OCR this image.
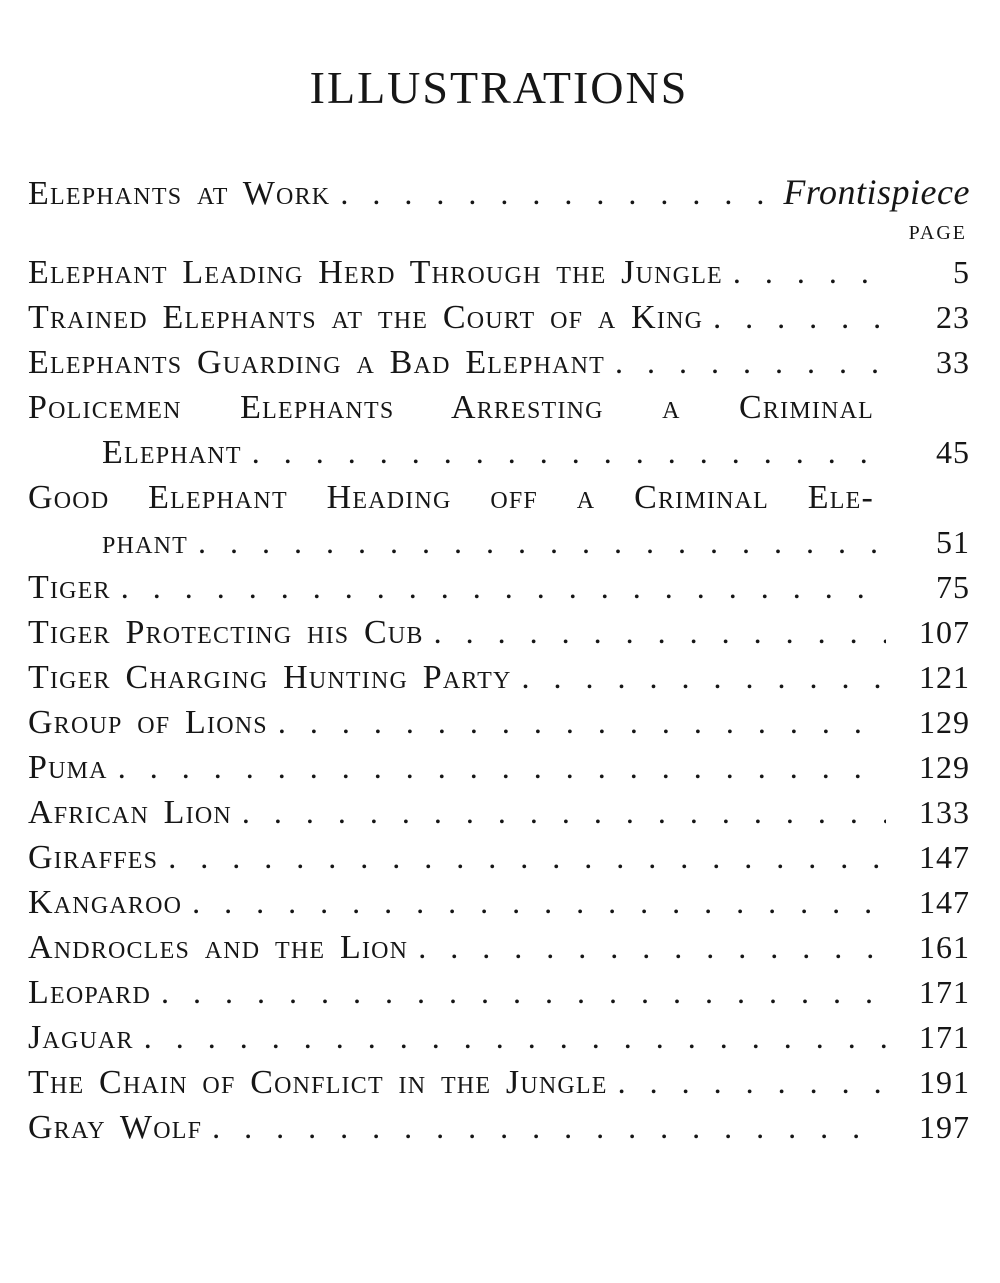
ILLUSTRATIONS
Elephants at Work . . .	Frontispiece
PAGE
Elephant Leading Herd Through the Jungle . . .	5
Trained Elephants at the Court of a King . . .	23
Elephants Guarding a Bad Elephant . . .	33
Policemen Elephants Arresting a Criminal
Elephant . . .	45
Good Elephant Heading off a Criminal Ele-
phant . . .	51
Tiger . . .	75
Tiger Protecting his Cub . . .	107
Tiger Charging Hunting Party . . .	121
Group of Lions . . .	129
Puma . . .	129
African Lion . . .	133
Giraffes . . .	147
Kangaroo . . .	147
Androcles and the Lion . . .	161
Leopard . . .	171
Jaguar . . .	171
The Chain of Conflict in the Jungle . . .	191
Gray Wolf . . .	197
